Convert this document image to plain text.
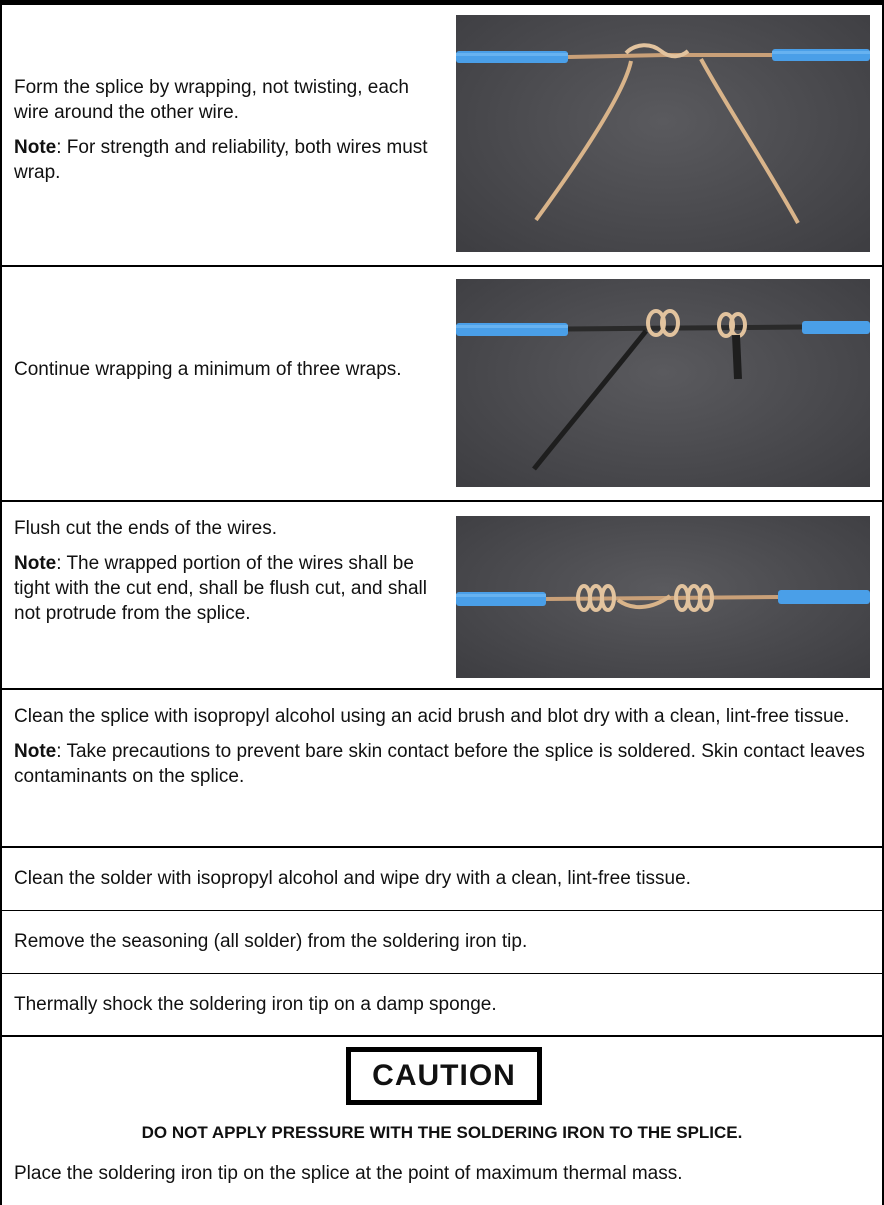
Form the splice by wrapping, not twisting, each wire around the other wire.

Note: For strength and reliability, both wires must wrap.

Continue wrapping a minimum of three wraps.

Flush cut the ends of the wires.

Note: The wrapped portion of the wires shall be tight with the cut end, shall be flush cut, and shall not protrude from the splice.

Clean the splice with isopropyl alcohol using an acid brush and blot dry with a clean, lint-free tissue.

Note: Take precautions to prevent bare skin contact before the splice is soldered. Skin contact leaves contaminants on the splice.

Clean the solder with isopropyl alcohol and wipe dry with a clean, lint-free tissue.

Remove the seasoning (all solder) from the soldering iron tip.

Thermally shock the soldering iron tip on a damp sponge.

CAUTION
DO NOT APPLY PRESSURE WITH THE SOLDERING IRON TO THE SPLICE.

Place the soldering iron tip on the splice at the point of maximum thermal mass.
